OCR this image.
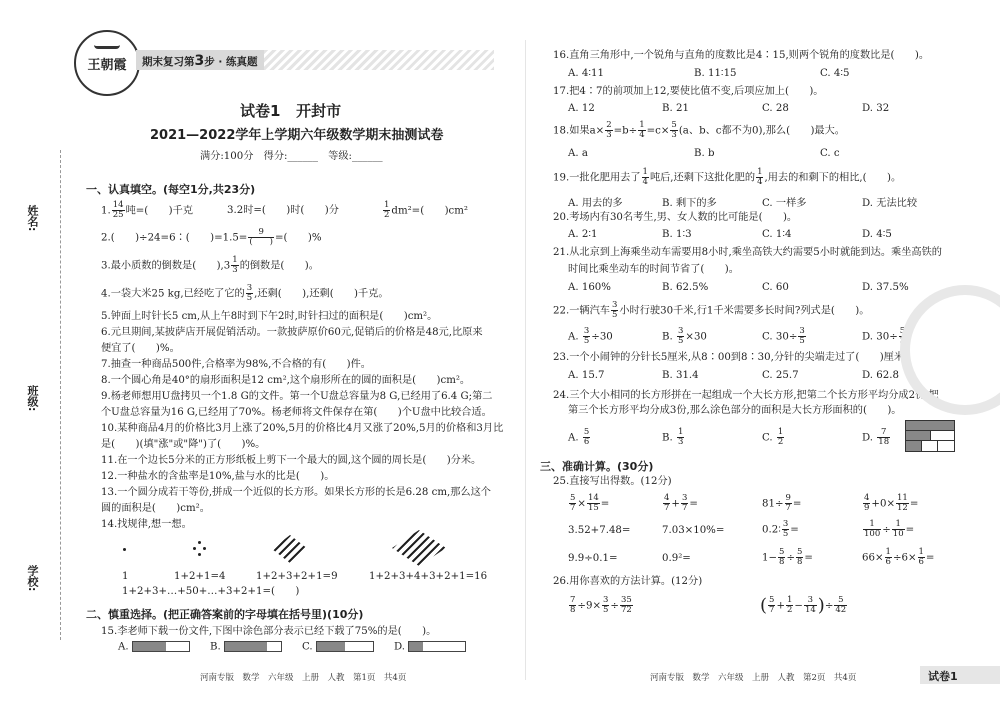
王朝霞	期末复习第3步 · 练真题
试卷1 开封市
2021—2022学年上学期六年级数学期末抽测试卷
满分:100分　得分:______　等级:______
姓名:
班级:
学校:
一、认真填空。(每空1分,共23分)
1. $\frac{14}{25}$ 吨=(　　)千克	3.2时=(　　)时(　　)分	$\frac{1}{2} dm^2=$(　　)cm²
2.(　　)÷24=6∶(　　)$=1.5= \frac{9}{( )}$ =(　　)%
3.最小质数的倒数是(　　)$,3 \frac{1}{3}$ 的倒数是(　　)。
4.一袋大米25 kg,已经吃了它的 $\frac{3}{5}$ ,还剩(　　),还剩(　　)千克。
5.钟面上时针长5 cm,从上午8时到下午2时,时针扫过的面积是(　　)cm²。
6.元旦期间,某披萨店开展促销活动。一款披萨原价60元,促销后的价格是48元,比原来
便宜了(　　)%。
7.抽查一种商品500件,合格率为98%,不合格的有(　　)件。
8.一个圆心角是40°的扇形面积是12 cm²,这个扇形所在的圆的面积是(　　)cm²。
9.杨老师想用U盘拷贝一个1.8 G的文件。第一个U盘总容量为8 G,已经用了6.4 G;第二
个U盘总容量为16 G,已经用了70%。杨老师将文件保存在第(　　)个U盘中比较合适。
10.某种商品4月的价格比3月上涨了20%,5月的价格比4月又涨了20%,5月的价格和3月比
是(　　)(填"涨"或"降")了(　　)%。
11.在一个边长5分米的正方形纸板上剪下一个最大的圆,这个圆的周长是(　　)分米。
12.一种盐水的含盐率是10%,盐与水的比是(　　)。
13.一个圆分成若干等份,拼成一个近似的长方形。如果长方形的长是6.28 cm,那么这个
圆的面积是(　　)cm²。
14.找规律,想一想。
1	1+2+1=4	1+2+3+2+1=9	1+2+3+4+3+2+1=16
1+2+3+…+50+…+3+2+1=(　　)
二、慎重选择。(把正确答案前的字母填在括号里)(10分)
15.李老师下载一份文件,下图中涂色部分表示已经下载了75%的是(　　)。
A.	B.	C.	D.
河南专版　数学　六年级　上册　人教　第1页　共4页
16.直角三角形中,一个锐角与直角的度数比是4∶15,则两个锐角的度数比是(　　)。
A. 4∶11	B. 11∶15	C. 4∶5
17.把4∶7的前项加上12,要使比值不变,后项应加上(　　)。
A. 12	B. 21	C. 28	D. 32
18.如果$a\times \frac{2}{3} =b\div \frac{1}{4} =c\times \frac{5}{3} (a$、b、c都不为0),那么(　　)最大。
A. a	B. b	C. c
19.一批化肥用去了 $\frac{1}{4}$ 吨后,还剩下这批化肥的 $\frac{1}{4}$ ,用去的和剩下的相比,(　　)。
A. 用去的多	B. 剩下的多	C. 一样多	D. 无法比较
20.考场内有30名考生,男、女人数的比可能是(　　)。
A. 2∶1	B. 1∶3	C. 1∶4	D. 4∶5
21.从北京到上海乘坐动车需要用8小时,乘坐高铁大约需要5小时就能到达。乘坐高铁的
时间比乘坐动车的时间节省了(　　)。
A. 160%	B. 62.5%	C. 60	D. 37.5%
22.一辆汽车 $\frac{3}{5}$ 小时行驶30千米,行1千米需要多长时间?列式是(　　)。
A. $\frac{3}{5} \div 30$	B. $\frac{3}{5} \times 30$	C. $30\div \frac{3}{5}$	D. $30\div \frac{5}{3}$
23.一个小闹钟的分针长5厘米,从8∶00到8∶30,分针的尖端走过了(　　)厘米。
A. 15.7	B. 31.4	C. 25.7	D. 62.8
24.三个大小相同的长方形拼在一起组成一个大长方形,把第二个长方形平均分成2份,把
第三个长方形平均分成3份,那么涂色部分的面积是大长方形面积的(　　)。
A. $\frac{5}{6}$	B. $\frac{1}{3}$	C. $\frac{1}{2}$	D. $\frac{7}{18}$
三、准确计算。(30分)
25.直接写出得数。(12分)
$\frac{5}{7} \times \frac{14}{15}$ =	$\frac{4}{7} + \frac{3}{7}$ =	$81\div \frac{9}{7}$ =	$\frac{4}{9} +0\times \frac{11}{12}$ =
3.52+7.48=	7.03×10%=	0.2∶ $\frac{3}{5}$ =	$\frac{1}{100} \div \frac{1}{10}$ =
9.9÷0.1=	0.9²=	$1- \frac{5}{8} \div \frac{5}{8}$ =	$66\times \frac{1}{6} \div 6\times \frac{1}{6}$ =
26.用你喜欢的方法计算。(12分)
$\frac{7}{8} \div 9\times \frac{3}{5} \div \frac{35}{72}$	( $\frac{5}{7} + \frac{1}{2} - \frac{3}{14}$ )÷ $\frac{5}{42}$
河南专版　数学　六年级　上册　人教　第2页　共4页	试卷1
